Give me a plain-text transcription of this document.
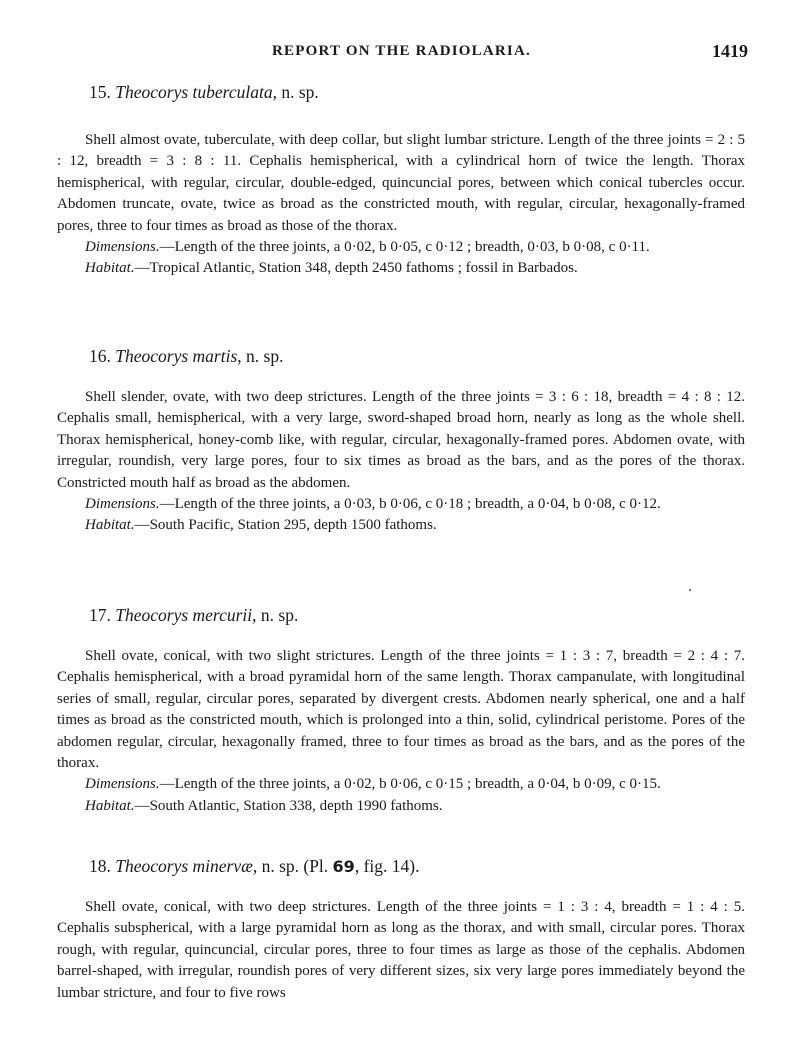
REPORT ON THE RADIOLARIA.	1419

15. Theocorys tuberculata, n. sp.

Shell almost ovate, tuberculate, with deep collar, but slight lumbar stricture. Length of the three joints = 2 : 5 : 12, breadth = 3 : 8 : 11. Cephalis hemispherical, with a cylindrical horn of twice the length. Thorax hemispherical, with regular, circular, double-edged, quincuncial pores, between which conical tubercles occur. Abdomen truncate, ovate, twice as broad as the constricted mouth, with regular, circular, hexagonally-framed pores, three to four times as broad as those of the thorax.

Dimensions.—Length of the three joints, a 0·02, b 0·05, c 0·12 ; breadth, 0·03, b 0·08, c 0·11.

Habitat.—Tropical Atlantic, Station 348, depth 2450 fathoms ; fossil in Barbados.

16. Theocorys martis, n. sp.

Shell slender, ovate, with two deep strictures. Length of the three joints = 3 : 6 : 18, breadth = 4 : 8 : 12. Cephalis small, hemispherical, with a very large, sword-shaped broad horn, nearly as long as the whole shell. Thorax hemispherical, honey-comb like, with regular, circular, hexagonally-framed pores. Abdomen ovate, with irregular, roundish, very large pores, four to six times as broad as the bars, and as the pores of the thorax. Constricted mouth half as broad as the abdomen.

Dimensions.—Length of the three joints, a 0·03, b 0·06, c 0·18 ; breadth, a 0·04, b 0·08, c 0·12.

Habitat.—South Pacific, Station 295, depth 1500 fathoms.

17. Theocorys mercurii, n. sp.

Shell ovate, conical, with two slight strictures. Length of the three joints = 1 : 3 : 7, breadth = 2 : 4 : 7. Cephalis hemispherical, with a broad pyramidal horn of the same length. Thorax campanulate, with longitudinal series of small, regular, circular pores, separated by divergent crests. Abdomen nearly spherical, one and a half times as broad as the constricted mouth, which is prolonged into a thin, solid, cylindrical peristome. Pores of the abdomen regular, circular, hexagonally framed, three to four times as broad as the bars, and as the pores of the thorax.

Dimensions.—Length of the three joints, a 0·02, b 0·06, c 0·15 ; breadth, a 0·04, b 0·09, c 0·15.

Habitat.—South Atlantic, Station 338, depth 1990 fathoms.

18. Theocorys minervæ, n. sp. (Pl. 69, fig. 14).

Shell ovate, conical, with two deep strictures. Length of the three joints = 1 : 3 : 4, breadth = 1 : 4 : 5. Cephalis subspherical, with a large pyramidal horn as long as the thorax, and with small, circular pores. Thorax rough, with regular, quincuncial, circular pores, three to four times as large as those of the cephalis. Abdomen barrel-shaped, with irregular, roundish pores of very different sizes, six very large pores immediately beyond the lumbar stricture, and four to five rows
